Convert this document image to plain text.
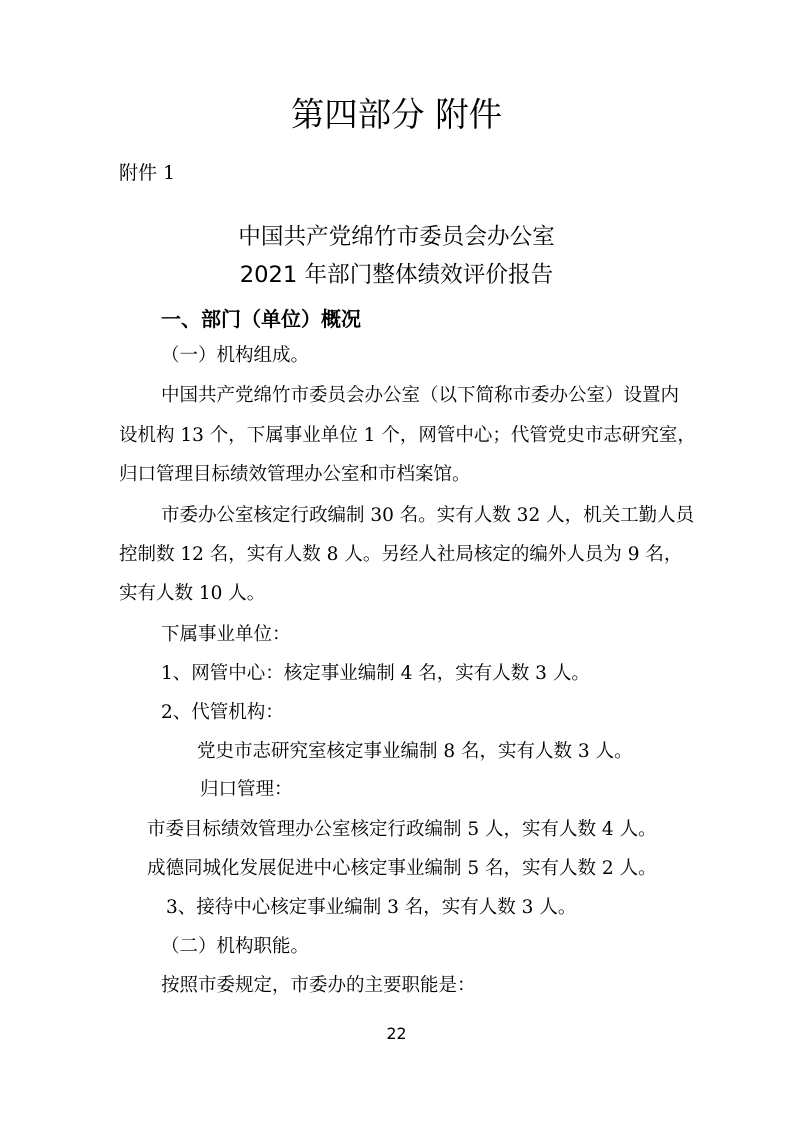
第四部分 附件
附件 1
中国共产党绵竹市委员会办公室
2021 年部门整体绩效评价报告
一、部门（单位）概况
（一）机构组成。
中国共产党绵竹市委员会办公室（以下简称市委办公室）设置内
设机构 13 个，下属事业单位 1 个，网管中心；代管党史市志研究室，
归口管理目标绩效管理办公室和市档案馆。
市委办公室核定行政编制 30 名。实有人数 32 人，机关工勤人员
控制数 12 名，实有人数 8 人。另经人社局核定的编外人员为 9 名，
实有人数 10 人。
下属事业单位：
1、网管中心：核定事业编制 4 名，实有人数 3 人。
2、代管机构：
党史市志研究室核定事业编制 8 名，实有人数 3 人。
归口管理：
市委目标绩效管理办公室核定行政编制 5 人，实有人数 4 人。
成德同城化发展促进中心核定事业编制 5 名，实有人数 2 人。
3、接待中心核定事业编制 3 名，实有人数 3 人。
（二）机构职能。
按照市委规定，市委办的主要职能是：
22
